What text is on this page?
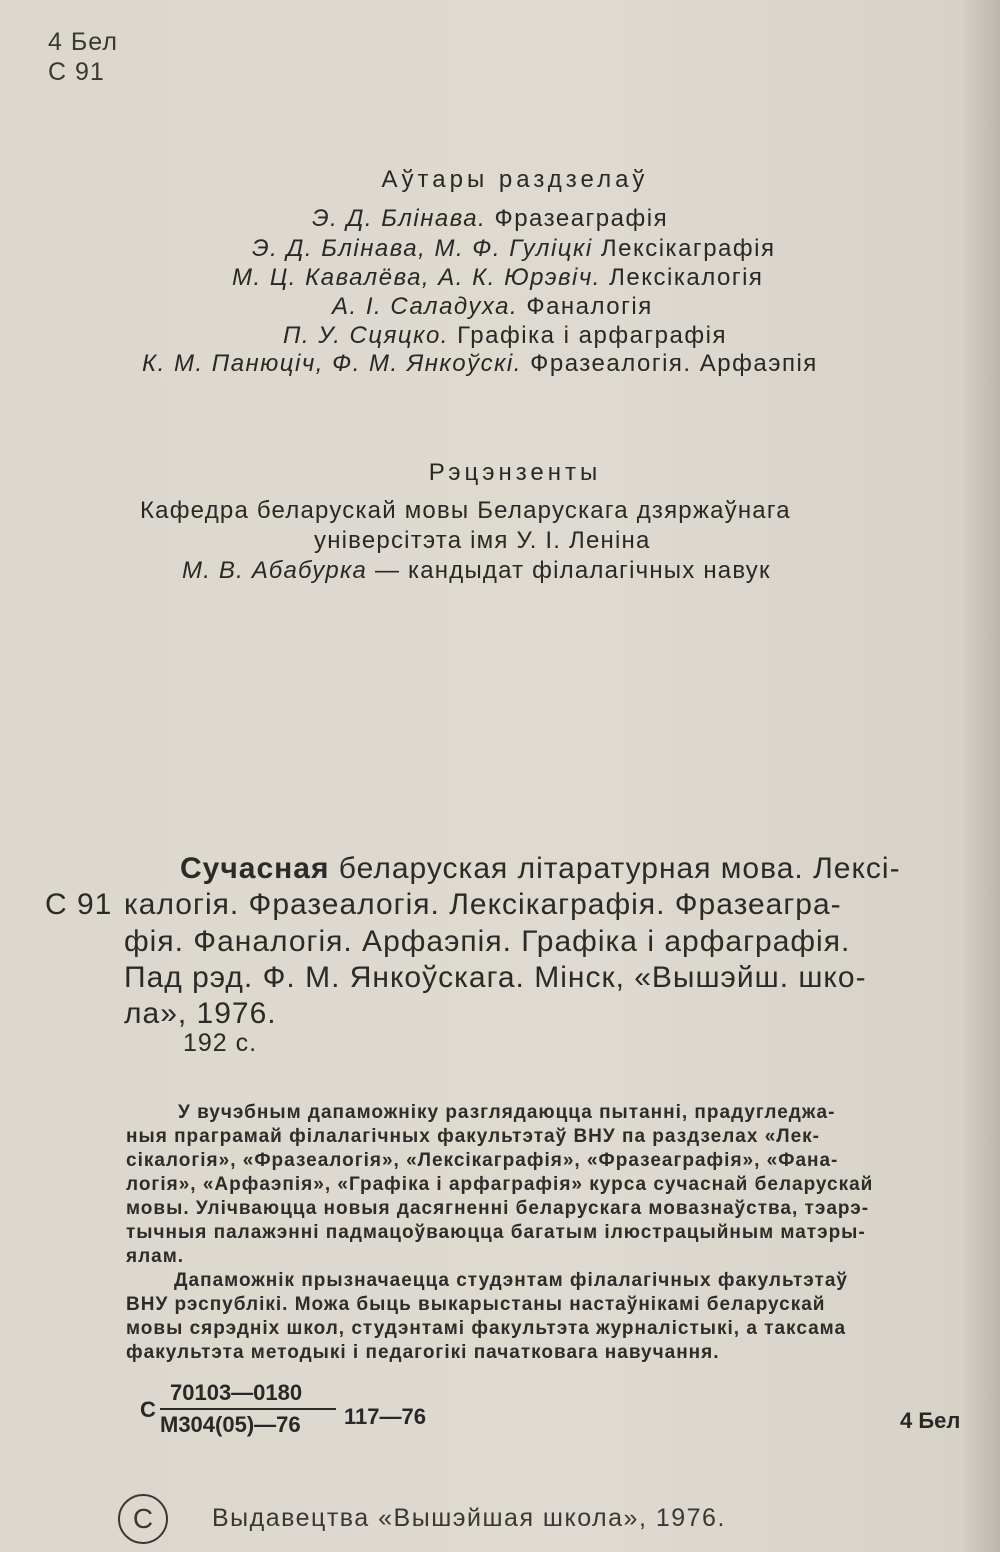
4 Бел
С 91
Аўтары раздзелаў
Э. Д. Блінава. Фразеаграфія
Э. Д. Блінава, М. Ф. Гуліцкі Лексікаграфія
М. Ц. Кавалёва, А. К. Юрэвіч. Лексікалогія
А. І. Саладуха. Фаналогія
П. У. Сцяцко. Графіка і арфаграфія
К. М. Панюціч, Ф. М. Янкоўскі. Фразеалогія. Арфаэпія
Рэцэнзенты
Кафедра беларускай мовы Беларускага дзяржаўнага
універсітэта імя У. І. Леніна
М. В. Абабурка — кандыдат філалагічных навук
Сучасная беларуская літаратурная мова. Лексі-
С 91 калогія. Фразеалогія. Лексікаграфія. Фразеагра-
фія. Фаналогія. Арфаэпія. Графіка і арфаграфія.
Пад рэд. Ф. М. Янкоўскага. Мінск, «Вышэйш. шко-
ла», 1976.
192 с.
У вучэбным дапаможніку разглядаюцца пытанні, прадугледжа-
ныя праграмай філалагічных факультэтаў ВНУ па раздзелах «Лек-
сікалогія», «Фразеалогія», «Лексікаграфія», «Фразеаграфія», «Фана-
логія», «Арфаэпія», «Графіка і арфаграфія» курса сучаснай беларускай
мовы. Улічваюцца новыя дасягненні беларускага мовазнаўства, тэарэ-
тычныя палажэнні падмацоўваюцца багатым ілюстрацыйным матэры-
ялам.
Дапаможнік прызначаецца студэнтам філалагічных факультэтаў
ВНУ рэспублікі. Можа быць выкарыстаны настаўнікамі беларускай
мовы сярэдніх школ, студэнтамі факультэта журналістыкі, а таксама
факультэта методыкі і педагогікі пачатковага навучання.
С
70103—0180
М304(05)—76 117—76	4 Бел
C	Выдавецтва «Вышэйшая школа», 1976.
